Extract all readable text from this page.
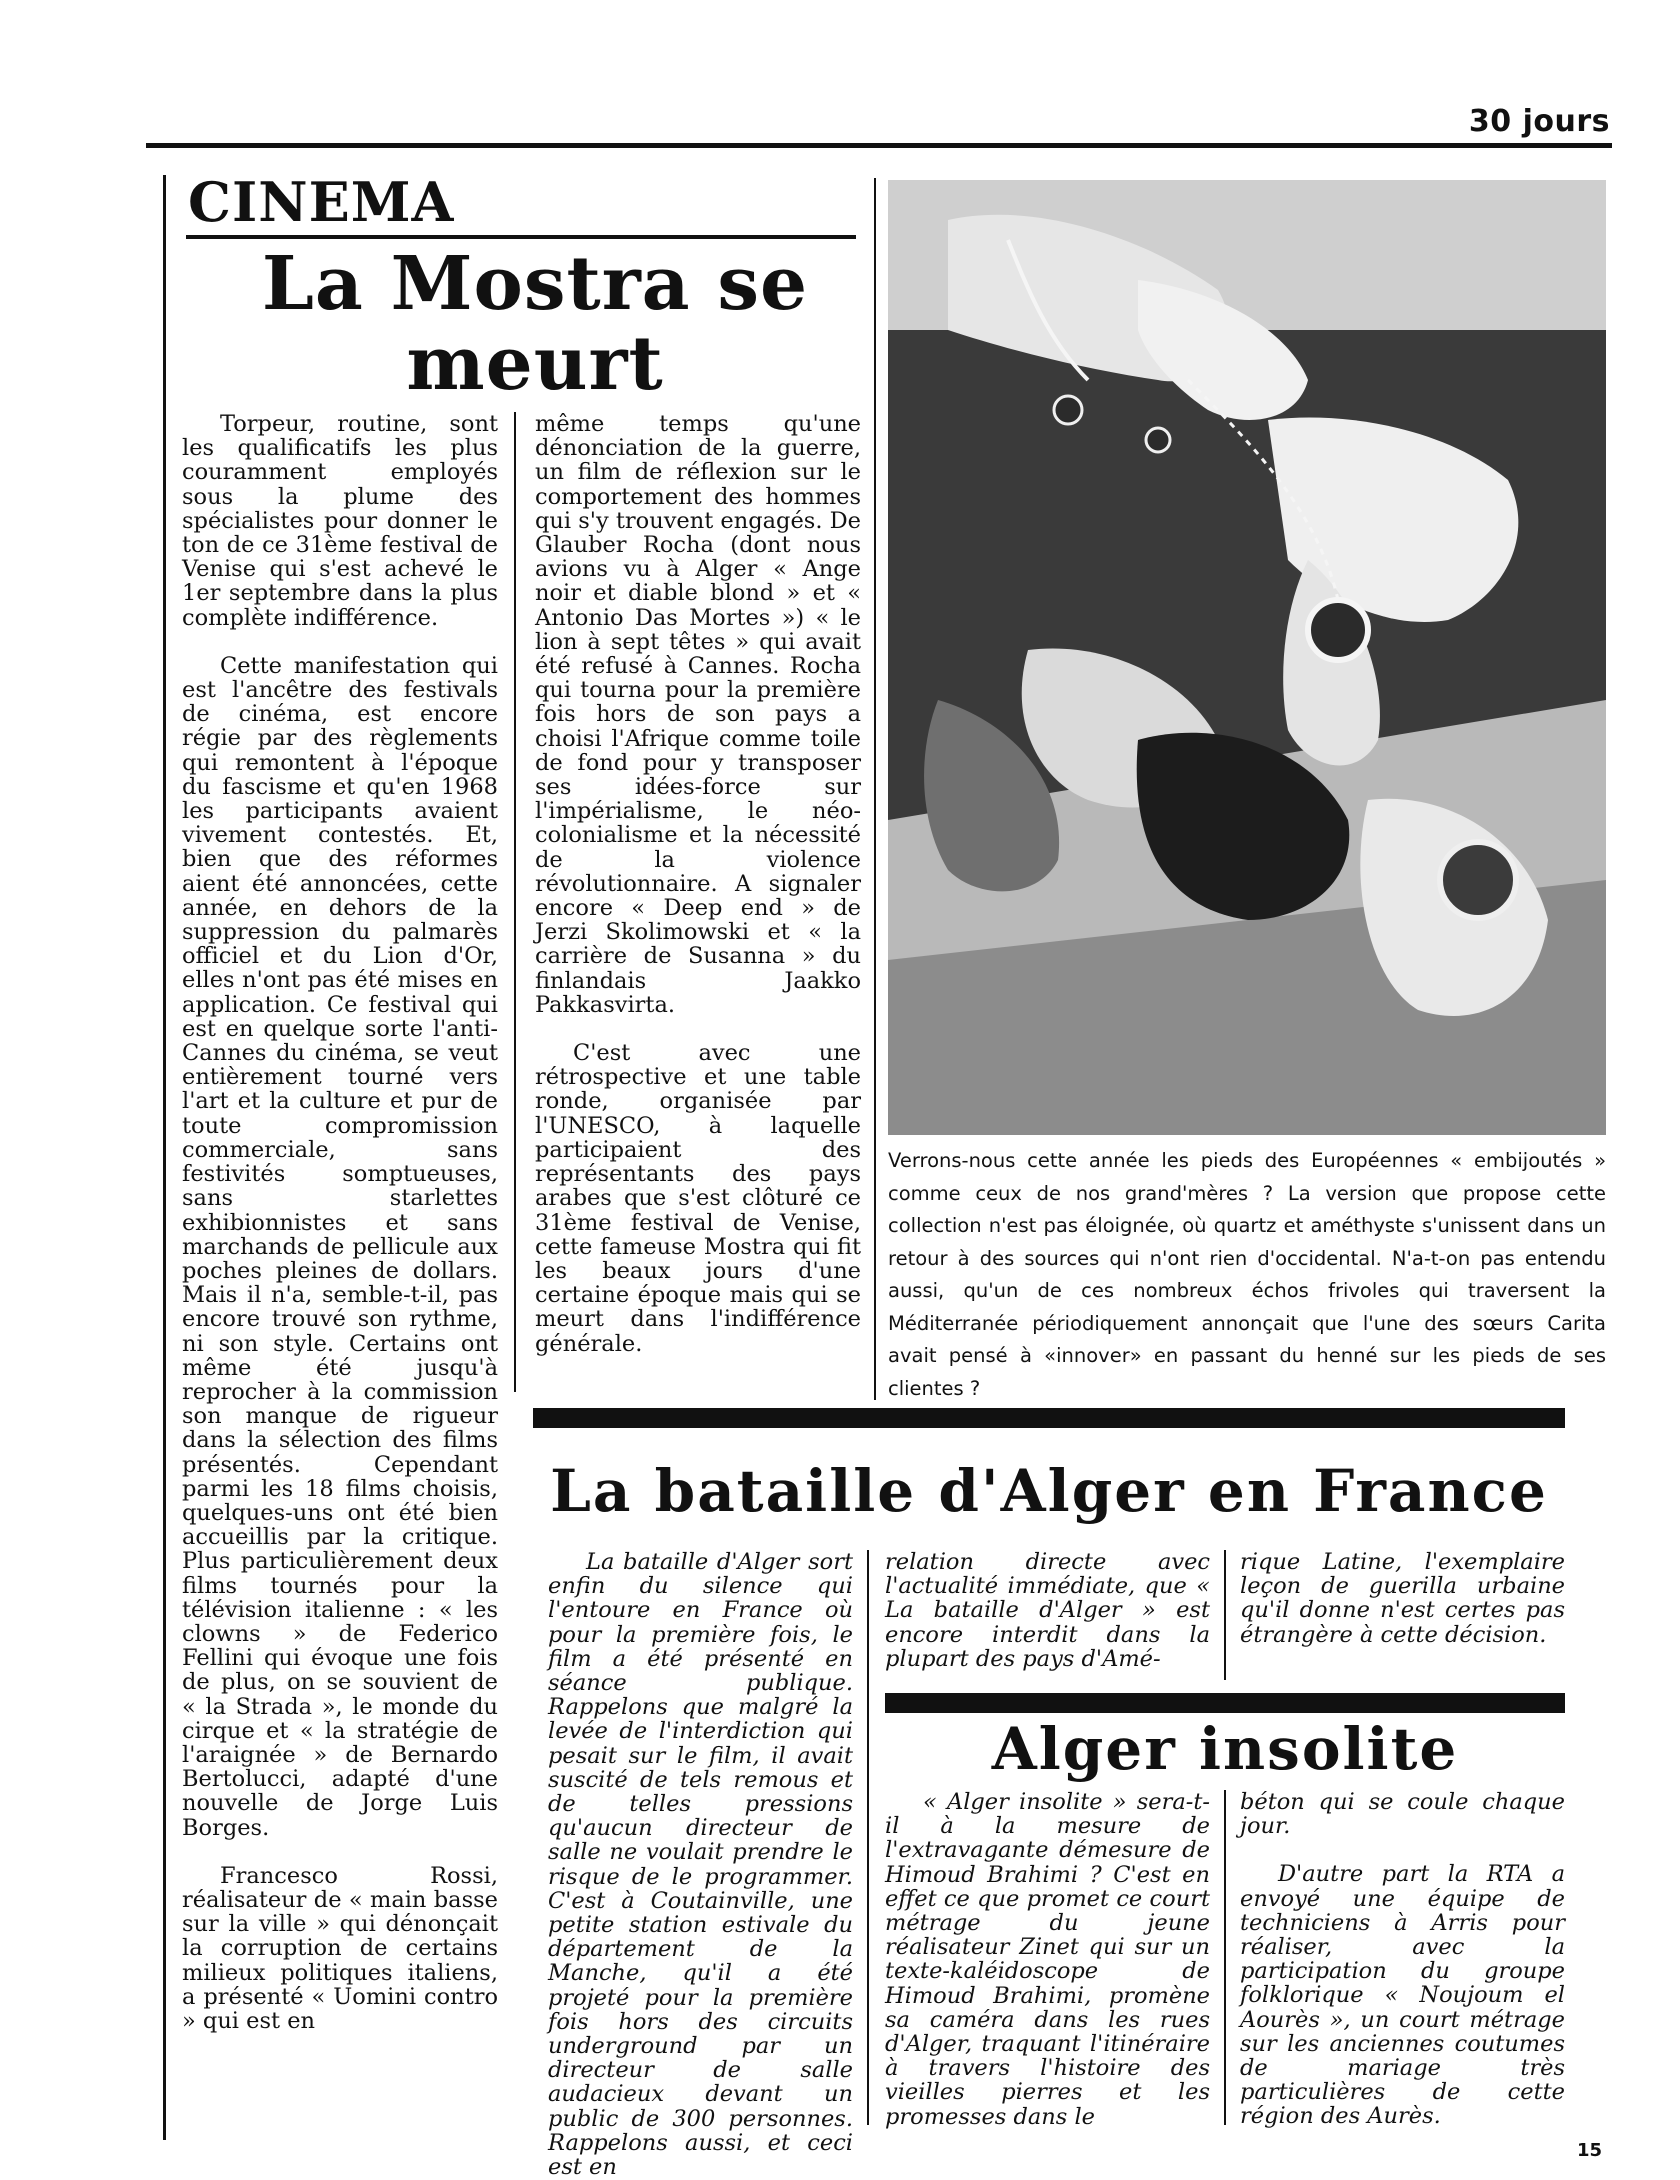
30 jours
CINEMA
La Mostra se meurt

Torpeur, routine, sont les qualificatifs les plus couramment employés sous la plume des spécialistes pour donner le ton de ce 31ème festival de Venise qui s'est achevé le 1er septembre dans la plus complète indifférence.

Cette manifestation qui est l'ancêtre des festivals de cinéma, est encore régie par des règlements qui remontent à l'époque du fascisme et qu'en 1968 les participants avaient vivement contestés. Et, bien que des réformes aient été annoncées, cette année, en dehors de la suppression du palmarès officiel et du Lion d'Or, elles n'ont pas été mises en application. Ce festival qui est en quelque sorte l'anti-Cannes du cinéma, se veut entièrement tourné vers l'art et la culture et pur de toute compromission commerciale, sans festivités somptueuses, sans starlettes exhibionnistes et sans marchands de pellicule aux poches pleines de dollars. Mais il n'a, semble-t-il, pas encore trouvé son rythme, ni son style. Certains ont même été jusqu'à reprocher à la commission son manque de rigueur dans la sélection des films présentés. Cependant parmi les 18 films choisis, quelques-uns ont été bien accueillis par la critique. Plus particulièrement deux films tournés pour la télévision italienne : « les clowns » de Federico Fellini qui évoque une fois de plus, on se souvient de « la Strada », le monde du cirque et « la stratégie de l'araignée » de Bernardo Bertolucci, adapté d'une nouvelle de Jorge Luis Borges.

Francesco Rossi, réalisateur de « main basse sur la ville » qui dénonçait la corruption de certains milieux politiques italiens, a présenté « Uomini contro » qui est en

même temps qu'une dénonciation de la guerre, un film de réflexion sur le comportement des hommes qui s'y trouvent engagés. De Glauber Rocha (dont nous avions vu à Alger « Ange noir et diable blond » et « Antonio Das Mortes ») « le lion à sept têtes » qui avait été refusé à Cannes. Rocha qui tourna pour la première fois hors de son pays a choisi l'Afrique comme toile de fond pour y transposer ses idées-force sur l'impérialisme, le néo-colonialisme et la nécessité de la violence révolutionnaire. A signaler encore « Deep end » de Jerzi Skolimowski et « la carrière de Susanna » du finlandais Jaakko Pakkasvirta.

C'est avec une rétrospective et une table ronde, organisée par l'UNESCO, à laquelle participaient des représentants des pays arabes que s'est clôturé ce 31ème festival de Venise, cette fameuse Mostra qui fit les beaux jours d'une certaine époque mais qui se meurt dans l'indifférence générale.

Verrons-nous cette année les pieds des Européennes « embijoutés » comme ceux de nos grand'mères ? La version que propose cette collection n'est pas éloignée, où quartz et améthyste s'unissent dans un retour à des sources qui n'ont rien d'occidental. N'a-t-on pas entendu aussi, qu'un de ces nombreux échos frivoles qui traversent la Méditerranée périodiquement annonçait que l'une des sœurs Carita avait pensé à «innover» en passant du henné sur les pieds de ses clientes ?
La bataille d'Alger en France

La bataille d'Alger sort enfin du silence qui l'entoure en France où pour la première fois, le film a été présenté en séance publique. Rappelons que malgré la levée de l'interdiction qui pesait sur le film, il avait suscité de tels remous et de telles pressions qu'aucun directeur de salle ne voulait prendre le risque de le programmer. C'est à Coutainville, une petite station estivale du département de la Manche, qu'il a été projeté pour la première fois hors des circuits underground par un directeur de salle audacieux devant un public de 300 personnes. Rappelons aussi, et ceci est en

relation directe avec l'actualité immédiate, que « La bataille d'Alger » est encore interdit dans la plupart des pays d'Amé-

rique Latine, l'exemplaire leçon de guerilla urbaine qu'il donne n'est certes pas étrangère à cette décision.

Alger insolite

« Alger insolite » sera-t-il à la mesure de l'extravagante démesure de Himoud Brahimi ? C'est en effet ce que promet ce court métrage du jeune réalisateur Zinet qui sur un texte-kaléidoscope de Himoud Brahimi, promène sa caméra dans les rues d'Alger, traquant l'itinéraire à travers l'histoire des vieilles pierres et les promesses dans le

béton qui se coule chaque jour.

D'autre part la RTA a envoyé une équipe de techniciens à Arris pour réaliser, avec la participation du groupe folklorique « Noujoum el Aourès », un court métrage sur les anciennes coutumes de mariage très particulières de cette région des Aurès.

15
